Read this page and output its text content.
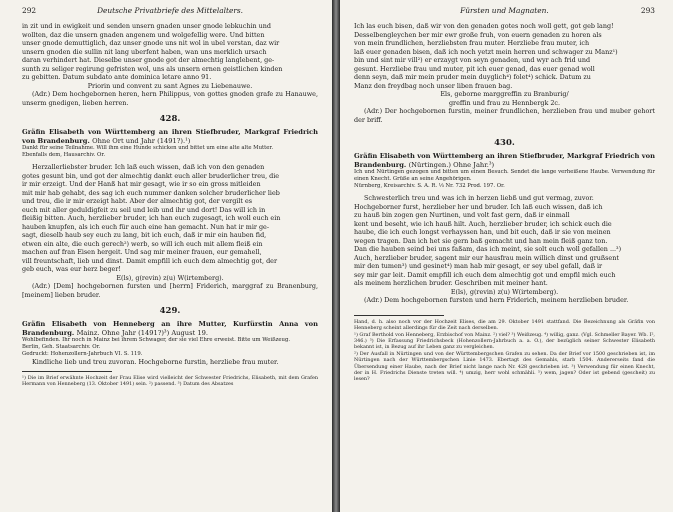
292	Deutsche Privatbriefe des Mittelalters.

in zit und in ewigkeit und senden unsern gnaden unser gnode lebkuchin und

wollten, daz die unsern gnaden angenem und wolgefellig were. Und bitten

unser gnode demuttiglich, daz unser gnode uns nit wol in ubel verstan, daz wir

unsern gnoden die sullin nit lang uberfent haben, wan uns merklich ursach

daran verhindert hat. Dieselbe unser gnode got der almechtig langlebent, ge-

sunth zu seliger regirung gefristen wol, uns als unsern ernen geistlichen kinden

zu gebitten. Datum subdato ante dominica letare anno 91.

Priorin und convent zu sant Agnes zu Liebenauwe.

(Adr.) Dem hochgebornen heren, hern Philippus, von gottes gnoden grafe zu Hanauwe, unserm gnedigen, lieben herren.

428.
Gräfin Elisabeth von Württemberg an ihren Stiefbruder, Markgraf Friedrich von Brandenburg. Ohne Ort und Jahr (1491?).¹)

Dankt für seine Teilnahme. Will ihm eine Hunde schicken und bittet um eine alte alte Mutter.

Ebenfalls dem, Hausarchiv. Or.

Herzallerliebster bruder. Ich laß euch wissen, daß ich von den genaden

gotes gesunt bin, und got der almechtig dankt euch aller bruderlicher treu, die

ir mir erzeigt. Und der Hanß hat mir gesagt, wie ir so ein gross mitleiden

mit mir hab gehabt, des sag ich euch nummer danken solcher bruderlicher lieb

und treu, die ir mir erzeigt habt. Aber der almechtig got, der vergilt es

euch mit aller geduldigfeit zu seil und leib und ihr und dort! Das will ich in

fleißig bitten. Auch, herzlieber bruder, ich han euch zugesagt, ich woll euch ein

hauben knupfen, als ich euch für auch eine han gemacht. Nun hat ir mir ge-

sagt, dieselb haub sey euch zu lang, bit ich euch, daß ir mir ein hauben fid,

etwen ein alte, die euch gerech²) werb, so will ich euch mit allem fleiß ein

machen auf fran Eisen hergeit. Und sag mir meiner frauen, eur gemahell,

vill freuntschaft, lieb und dinst. Damit empfill ich euch dem almechtig got, der

geb euch, was eur herz beger!

E(ls), g(revin) z(u) W(irtemberg).

(Adr.) [Dem] hochgebornen fursten und [herrn] Friderich, marggraf zu Branenburg, [meinem] lieben bruder.

429.
Gräfin Elisabeth von Henneberg an ihre Mutter, Kurfürstin Anna von Brandenburg. Mainz. Ohne Jahr (1491?)³) August 19.

Wohlbefinden. Ihr noch in Mainz bei ihrem Schwager, der sie viel Ehre erweist. Bitte um Weißzeug.

Berlin, Geh. Staatsarchiv. Or.

Gedruckt: Hohenzollern-Jahrbuch VI. S. 119.

Kindliche lieb und treu zuvoran. Hochgeborne furstin, herzliebe frau muter.

¹) Die im Brief erwähnte Hochzeit der Frau Elise wird vielleicht der Schwester Friedrichs, Elisabeth, mit dem Grafen Hermann von Henneberg (13. Oktober 1491) sein. ²) passend. ³) Datum des Absatzes

Fürsten und Magnaten.	293

Ich las euch bisen, daß wir von den genaden gotes noch woll gett, got geb lang!

Desselbengleychen ber mir ewr große fruh, von euern genaden zu horen als

von mein frundlichen, herzliebsten frau muter. Herzliebe frau muter, ich

laß euer genaden bisen, daß ich noch yetzt mein herren und schwager zu Manz¹)

bin und sint mir vill²) er erzaygt von seyn genaden, und wyr ach frid und

gesunt. Herzliebe frau und muter, pit ich euer genad, das euer genad woll

denn seyn, daß mir mein pruder mein duyglich⁴) folet⁴) schick. Datum zu

Manz den freydbag noch unser liben frauen bag.

Els, geborne marggreffin zu Branburig/

greffin und frau zu Hennbergk 2c.

(Adr.) Der hochgebornen furstin, meiner frundlichen, herzlieben frau und muber gehort der briff.

430.
Gräfin Elisabeth von Württemberg an ihren Stiefbruder, Markgraf Friedrich von Brandenburg. (Nürtingen.) Ohne Jahr.³)

Ich und Nürtingen gezogen und bitten um einen Besuch. Sendet die lange verheißene Haube. Verwendung für einen Knecht. Grüße an seine Angehörigen.

Nürnberg, Kreisarchiv. S. A. R. ⅓ Nr. 732 Prod. 197. Or.

Schwesterlich treu und was ich in herzen liebß und gut vermag, zuvor.

Hochgeborner furst, herzlieber her und bruder. Ich laß euch wissen, daß ich

zu hauß bin zogen gen Nurtinen, und volt fast gern, daß ir einmall

kent und beseht, wie ich hauß hilt. Auch, herzlieber bruder, ich schick euch die

haube, die ich euch longst verhayssen han, und bit euch, daß ir sie von meinen

wegen tragen. Dan ich het sie gern baß gemacht und han mein fleiß ganz ton.

Dan die hauben seind bei uns faßam, das ich meint, sie solt euch woll gefallen ...³)

Auch, herzlieber bruder, sagent mir eur hausfrau mein willich dinst und grußsent

mir den tumen³) und gesinet⁴) man hab mir gesagt, er sey ubel gefall, daß ir

sey mir gar leit. Damit empfill ich euch dem almechtig got und empfil mich euch

als meinem herzlichen bruder. Geschriben mit meiner hant.

E(ls), g(revin) z(u) W(irtemberg).

(Adr.) Dem hochgebornen fursten und hern Friderich, meinem herzlieben bruder.

Hand, d. h. also noch vor der Hochzeit Elises, die am 29. Oktober 1491 stattfand. Die Bezeichnung als Gräfin von Henneberg scheint allerdings für die Zeit nach derselben.

¹) Graf Berthold von Henneberg, Erzbischof von Mainz. ²) viel? ³) Weißzeug. ⁴) willig, ganz. (Vgl. Schmeller Bayer. Wb. I², 346.) ⁵) Die Erfassung Friedrichsbeck (Hohenzollern-Jahrbuch a. a. O.), der bezüglich seiner Schwester Elisabeth bekannt ist, in Bezug auf ihr Leben ganz zu vergleichen.

²) Der Ausfall in Nürtingen und von der Württembergschen Grafen zu sehen. Da der Brief vor 1500 geschrieben ist, im Nürtingen nach der Württembergschen Linie 1473. Ebertagt des Gemahls, starb 1504. Andererseits fand die Übersendung einer Haube, nach der Brief nicht lange nach Nr. 428 geschrieben ist. ³) Verwendung für einen Knecht, der in H. Friedrichs Dienste treten will. ⁴) umzig, herr wohl schmähli. ⁵) wem, jagen? Oder ist gebend (gescheit) zu lesen?
